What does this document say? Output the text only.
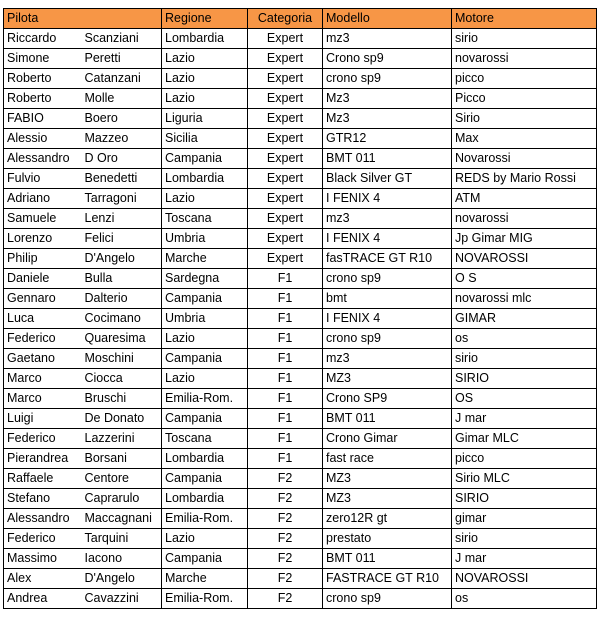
Pilota		Regione	Categoria	Modello	Motore
Riccardo	Scanziani	Lombardia	Expert	mz3	sirio
Simone	Peretti	Lazio	Expert	Crono sp9	novarossi
Roberto	Catanzani	Lazio	Expert	crono sp9	picco
Roberto	Molle	Lazio	Expert	Mz3	Picco
FABIO	Boero	Liguria	Expert	Mz3	Sirio
Alessio	Mazzeo	Sicilia	Expert	GTR12	Max
Alessandro	D Oro	Campania	Expert	BMT 011	Novarossi
Fulvio	Benedetti	Lombardia	Expert	Black Silver GT	REDS by Mario Rossi
Adriano	Tarragoni	Lazio	Expert	I FENIX 4	ATM
Samuele	Lenzi	Toscana	Expert	mz3	novarossi
Lorenzo	Felici	Umbria	Expert	I FENIX 4	Jp Gimar MIG
Philip	D'Angelo	Marche	Expert	fasTRACE GT R10	NOVAROSSI
Daniele	Bulla	Sardegna	F1	crono sp9	O S
Gennaro	Dalterio	Campania	F1	bmt	novarossi mlc
Luca	Cocimano	Umbria	F1	I FENIX 4	GIMAR
Federico	Quaresima	Lazio	F1	crono sp9	os
Gaetano	Moschini	Campania	F1	mz3	sirio
Marco	Ciocca	Lazio	F1	MZ3	SIRIO
Marco	Bruschi	Emilia-Rom.	F1	Crono SP9	OS
Luigi	De Donato	Campania	F1	BMT 011	J mar
Federico	Lazzerini	Toscana	F1	Crono Gimar	Gimar MLC
Pierandrea	Borsani	Lombardia	F1	fast race	picco
Raffaele	Centore	Campania	F2	MZ3	Sirio MLC
Stefano	Caprarulo	Lombardia	F2	MZ3	SIRIO
Alessandro	Maccagnani	Emilia-Rom.	F2	zero12R gt	gimar
Federico	Tarquini	Lazio	F2	prestato	sirio
Massimo	Iacono	Campania	F2	BMT 011	J mar
Alex	D'Angelo	Marche	F2	FASTRACE GT R10	NOVAROSSI
Andrea	Cavazzini	Emilia-Rom.	F2	crono sp9	os
